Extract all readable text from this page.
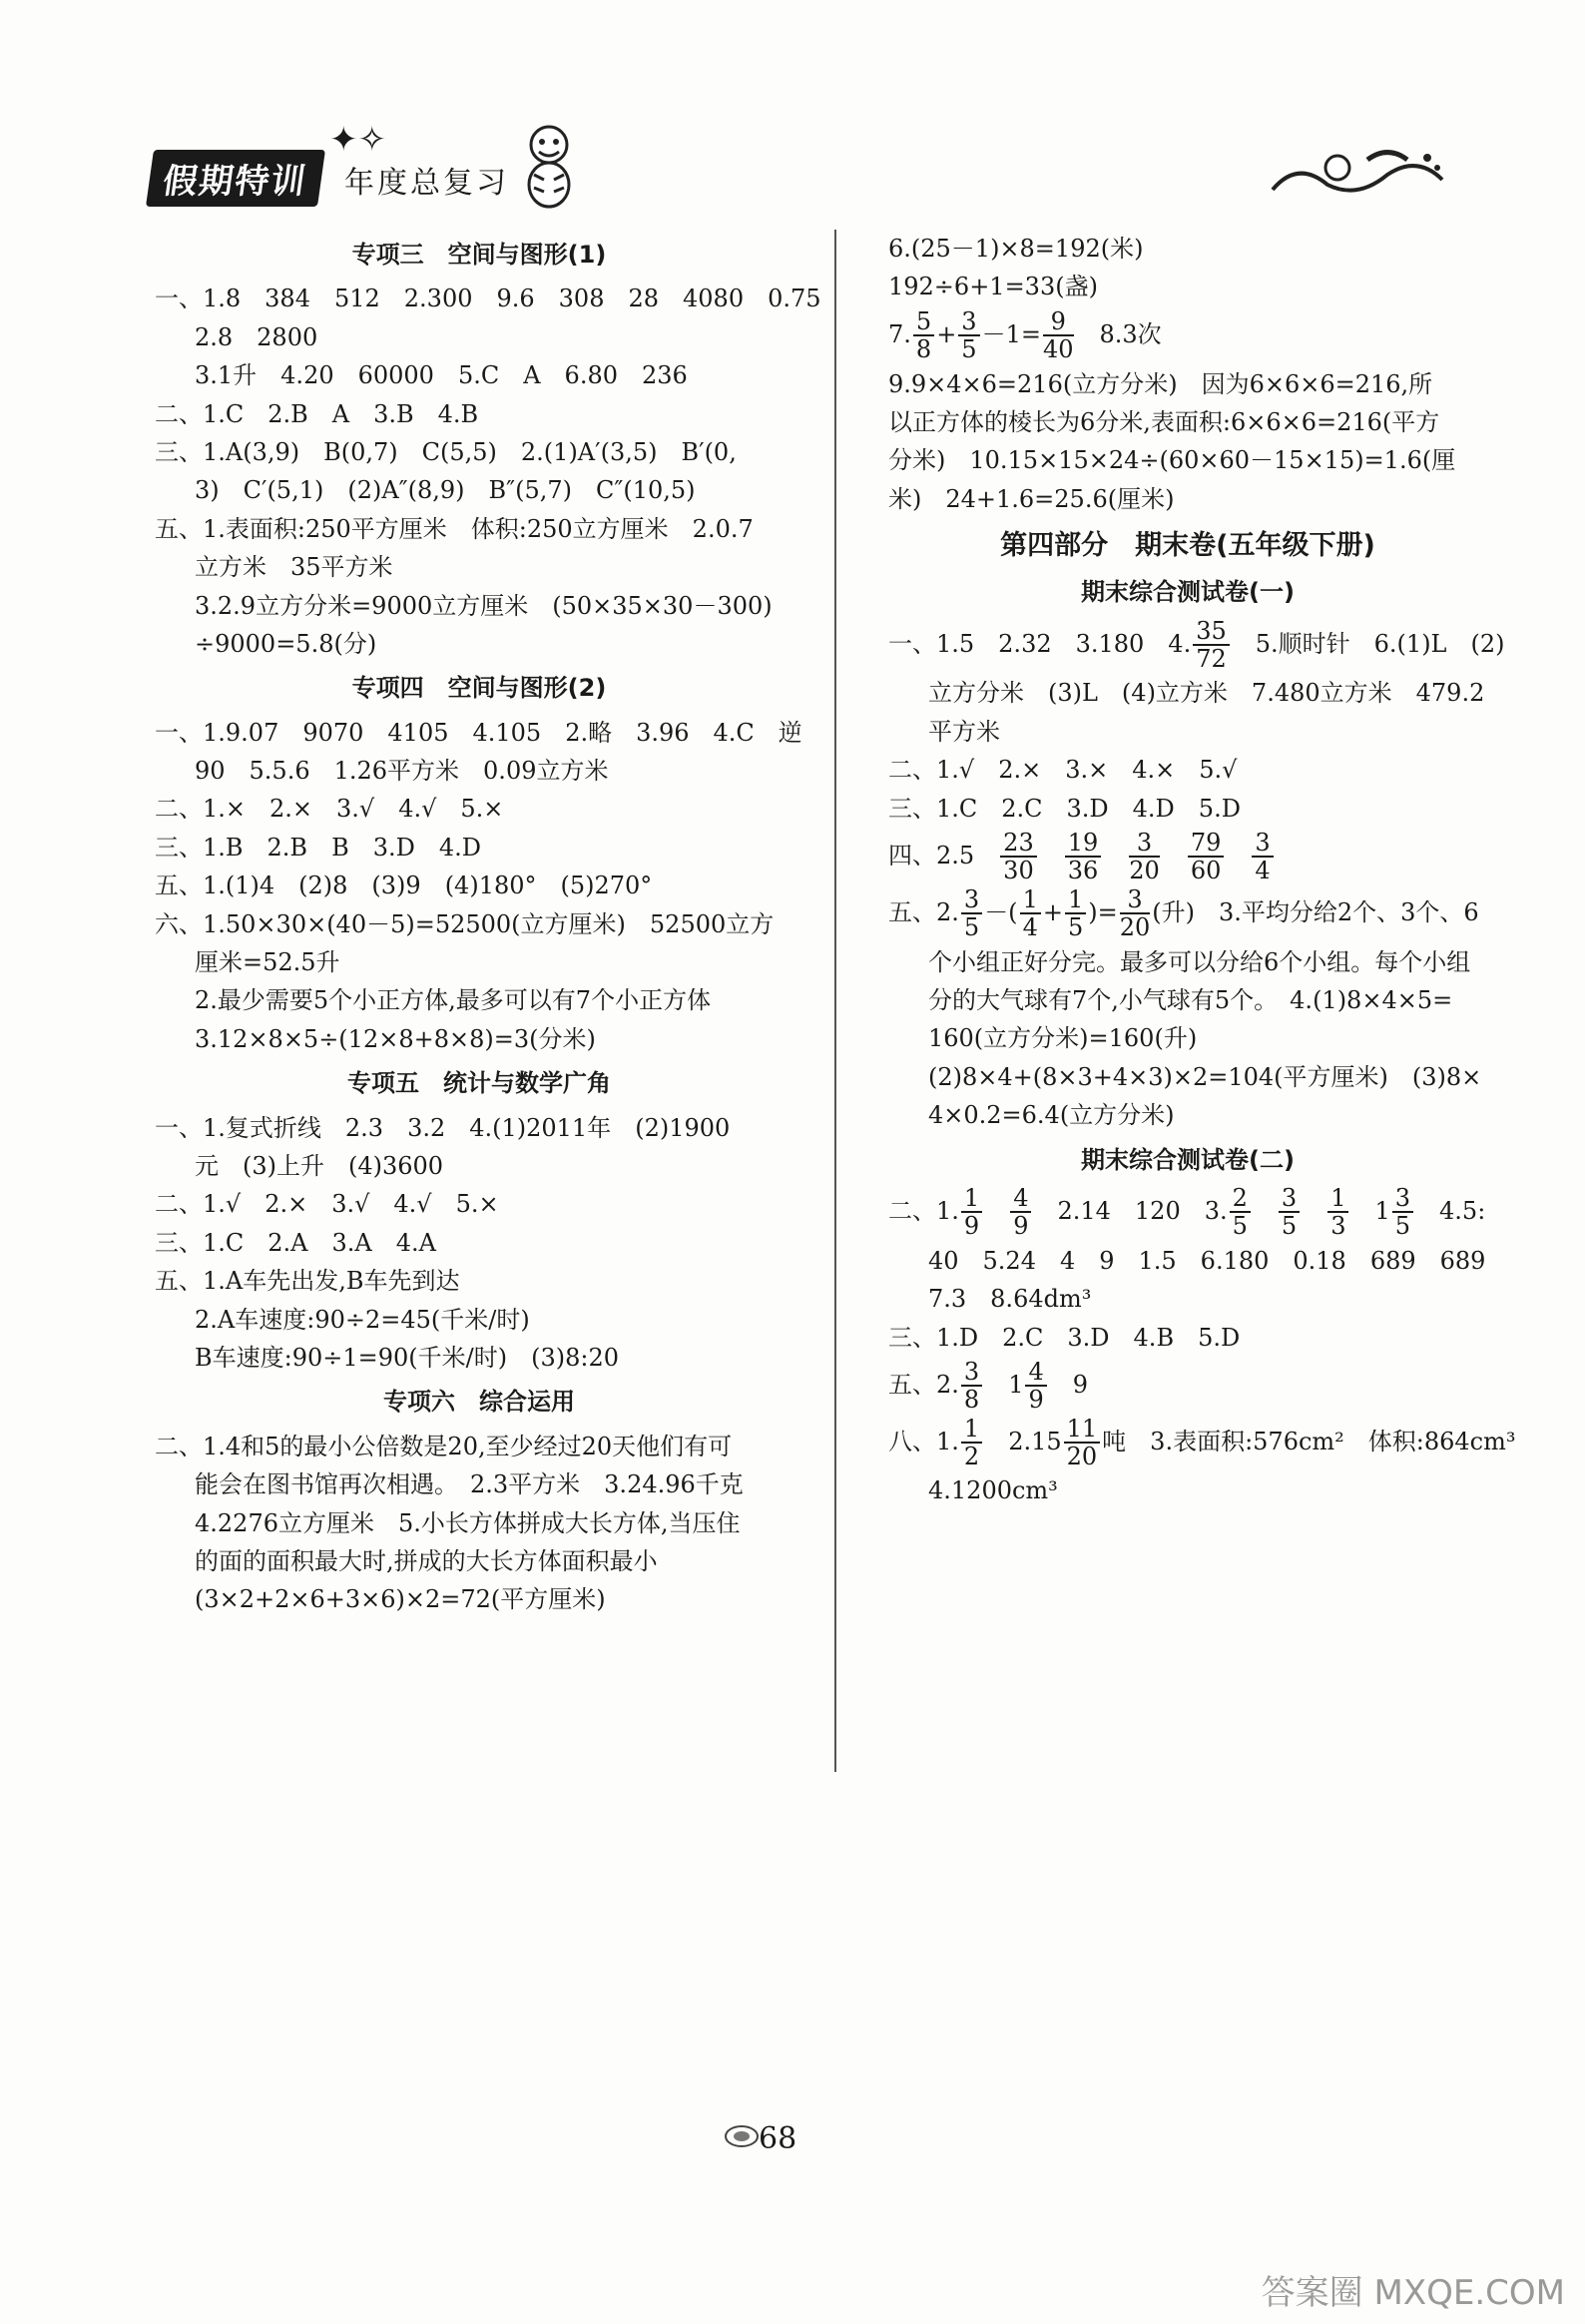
假期特训
✦✧
年度总复习
专项三　空间与图形(1)

一、1.8　384　512　2.300　9.6　308　28　4080　0.75

2.8　2800

3.1升　4.20　60000　5.C　A　6.80　236

二、1.C　2.B　A　3.B　4.B

三、1.A(3,9)　B(0,7)　C(5,5)　2.(1)A′(3,5)　B′(0,

3)　C′(5,1)　(2)A″(8,9)　B″(5,7)　C″(10,5)

五、1.表面积:250平方厘米　体积:250立方厘米　2.0.7

立方米　35平方米

3.2.9立方分米=9000立方厘米　(50×35×30－300)

÷9000=5.8(分)

专项四　空间与图形(2)

一、1.9.07　9070　4105　4.105　2.略　3.96　4.C　逆

90　5.5.6　1.26平方米　0.09立方米

二、1.×　2.×　3.√　4.√　5.×

三、1.B　2.B　B　3.D　4.D

五、1.(1)4　(2)8　(3)9　(4)180°　(5)270°

六、1.50×30×(40－5)=52500(立方厘米)　52500立方

厘米=52.5升

2.最少需要5个小正方体,最多可以有7个小正方体

3.12×8×5÷(12×8+8×8)=3(分米)

专项五　统计与数学广角

一、1.复式折线　2.3　3.2　4.(1)2011年　(2)1900

元　(3)上升　(4)3600

二、1.√　2.×　3.√　4.√　5.×

三、1.C　2.A　3.A　4.A

五、1.A车先出发,B车先到达

2.A车速度:90÷2=45(千米/时)

B车速度:90÷1=90(千米/时)　(3)8:20

专项六　综合运用

二、1.4和5的最小公倍数是20,至少经过20天他们有可

能会在图书馆再次相遇。　2.3平方米　3.24.96千克

4.2276立方厘米　5.小长方体拼成大长方体,当压住

的面的面积最大时,拼成的大长方体面积最小

(3×2+2×6+3×6)×2=72(平方厘米)

6.(25－1)×8=192(米)

192÷6+1=33(盏)

7. $\frac{5}{8} + \frac{3}{5} -1= \frac{9}{40}$ 　8.3次

9.9×4×6=216(立方分米)　因为6×6×6=216,所

以正方体的棱长为6分米,表面积:6×6×6=216(平方

分米)　10.15×15×24÷(60×60－15×15)=1.6(厘

米)　24+1.6=25.6(厘米)

第四部分　期末卷(五年级下册)
期末综合测试卷(一)

一、1.5　2.32　3.180　4. $\frac{35}{72}$ 　5.顺时针　6.(1)L　(2)

立方分米　(3)L　(4)立方米　7.480立方米　479.2

平方米

二、1.√　2.×　3.×　4.×　5.√

三、1.C　2.C　3.D　4.D　5.D

四、2.5　 $\frac{23}{30}$
　 $\frac{19}{36}$
　 $\frac{3}{20}$
　 $\frac{79}{60}$
　 $\frac{3}{4}$

五、2. $\frac{3}{5}$ －( $\frac{1}{4} + \frac{1}{5}$ )= $\frac{3}{20}$ (升)　3.平均分给2个、3个、6

个小组正好分完。最多可以分给6个小组。每个小组

分的大气球有7个,小气球有5个。　4.(1)8×4×5=

160(立方分米)=160(升)

(2)8×4+(8×3+4×3)×2=104(平方厘米)　(3)8×

4×0.2=6.4(立方分米)

期末综合测试卷(二)

二、1. $\frac{1}{9}$
　 $\frac{4}{9}$
　 2.14　120　3. $\frac{2}{5}$
　 $\frac{3}{5}$
　 $\frac{1}{3}$
　 $1 \frac{3}{5}$
　 4.5:

40　5.24　4　9　1.5　6.180　0.18　689　689

7.3　8.64dm³

三、1.D　2.C　3.D　4.B　5.D

五、2. $\frac{3}{8}$
　 $1 \frac{4}{9}$
　 9

八、1. $\frac{1}{2}$
　 $2.15 \frac{11}{20}$ 吨　3.表面积:576cm²　体积:864cm³

4.1200cm³

68
答案圈 MXQE.COM
